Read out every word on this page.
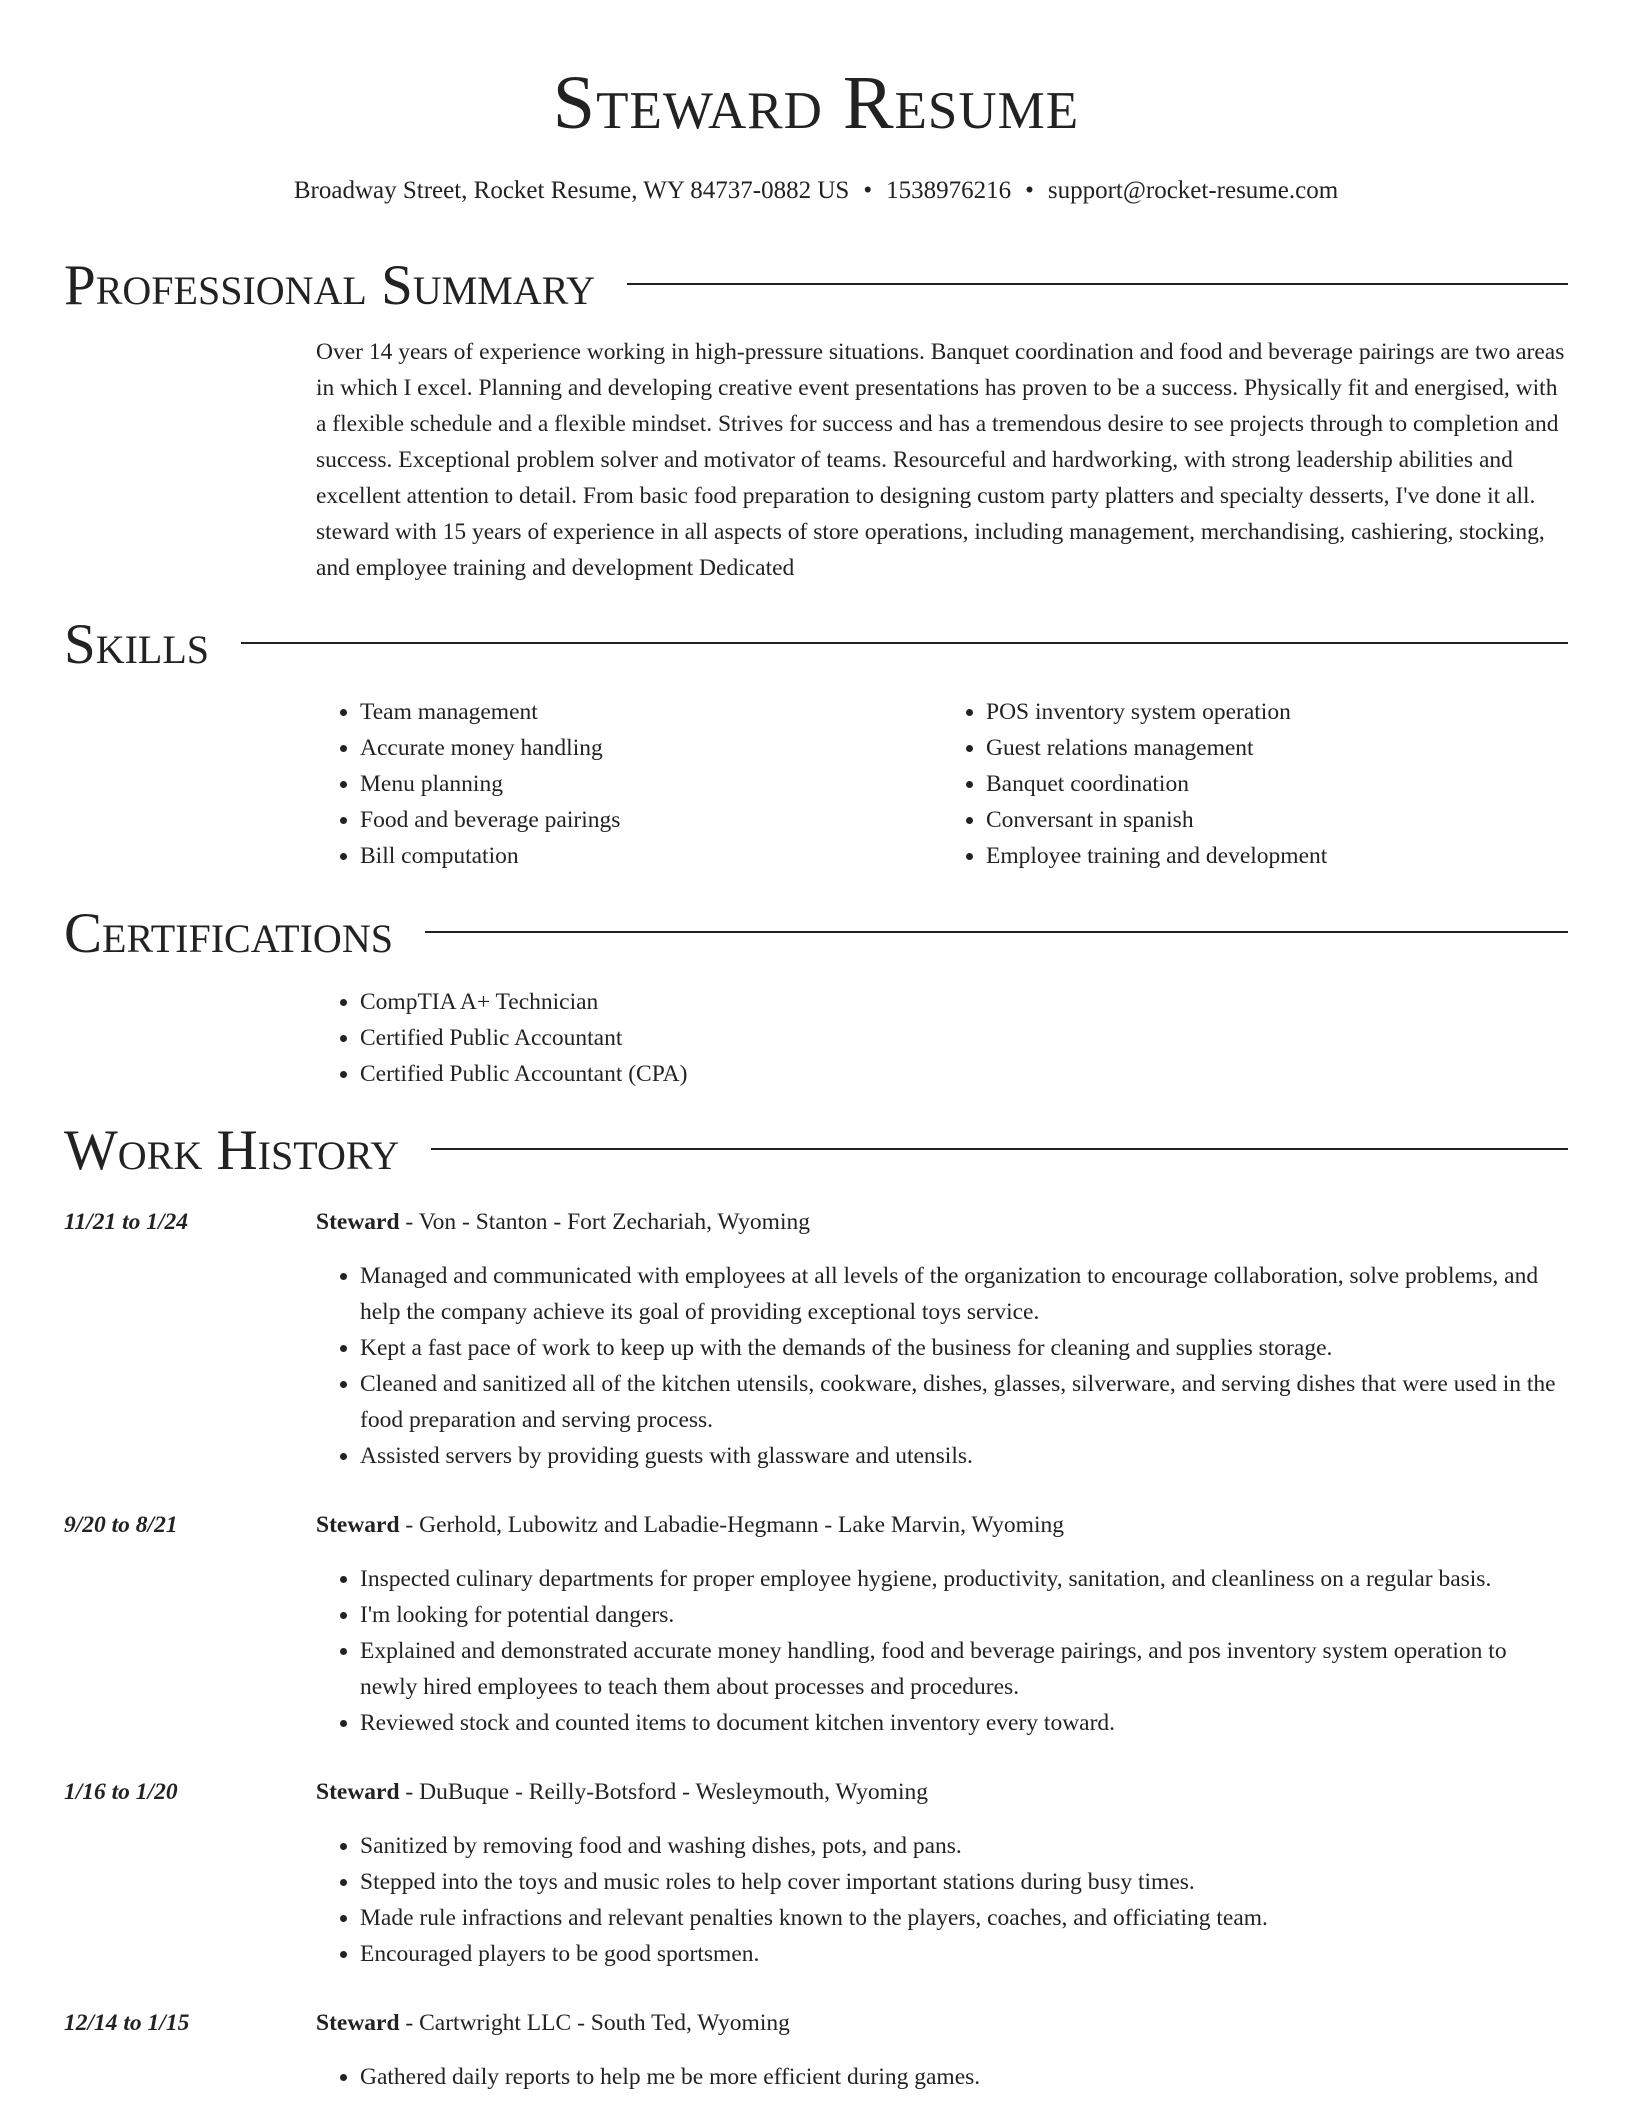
Steward Resume
Broadway Street, Rocket Resume, WY 84737-0882 US • 1538976216 • support@rocket-resume.com
Professional Summary

Over 14 years of experience working in high-pressure situations. Banquet coordination and food and beverage pairings are two areas in which I excel. Planning and developing creative event presentations has proven to be a success. Physically fit and energised, with a flexible schedule and a flexible mindset. Strives for success and has a tremendous desire to see projects through to completion and success. Exceptional problem solver and motivator of teams. Resourceful and hardworking, with strong leadership abilities and excellent attention to detail. From basic food preparation to designing custom party platters and specialty desserts, I've done it all. steward with 15 years of experience in all aspects of store operations, including management, merchandising, cashiering, stocking, and employee training and development Dedicated

Skills
• Team management
• Accurate money handling
• Menu planning
• Food and beverage pairings
• Bill computation
• POS inventory system operation
• Guest relations management
• Banquet coordination
• Conversant in spanish
• Employee training and development
Certifications
• CompTIA A+ Technician
• Certified Public Accountant
• Certified Public Accountant (CPA)
Work History
11/21 to 1/24	Steward - Von - Stanton - Fort Zechariah, Wyoming
• Managed and communicated with employees at all levels of the organization to encourage collaboration, solve problems, and help the company achieve its goal of providing exceptional toys service.
• Kept a fast pace of work to keep up with the demands of the business for cleaning and supplies storage.
• Cleaned and sanitized all of the kitchen utensils, cookware, dishes, glasses, silverware, and serving dishes that were used in the food preparation and serving process.
• Assisted servers by providing guests with glassware and utensils.
9/20 to 8/21	Steward - Gerhold, Lubowitz and Labadie-Hegmann - Lake Marvin, Wyoming
• Inspected culinary departments for proper employee hygiene, productivity, sanitation, and cleanliness on a regular basis.
• I'm looking for potential dangers.
• Explained and demonstrated accurate money handling, food and beverage pairings, and pos inventory system operation to newly hired employees to teach them about processes and procedures.
• Reviewed stock and counted items to document kitchen inventory every toward.
1/16 to 1/20	Steward - DuBuque - Reilly-Botsford - Wesleymouth, Wyoming
• Sanitized by removing food and washing dishes, pots, and pans.
• Stepped into the toys and music roles to help cover important stations during busy times.
• Made rule infractions and relevant penalties known to the players, coaches, and officiating team.
• Encouraged players to be good sportsmen.
12/14 to 1/15	Steward - Cartwright LLC - South Ted, Wyoming
• Gathered daily reports to help me be more efficient during games.
